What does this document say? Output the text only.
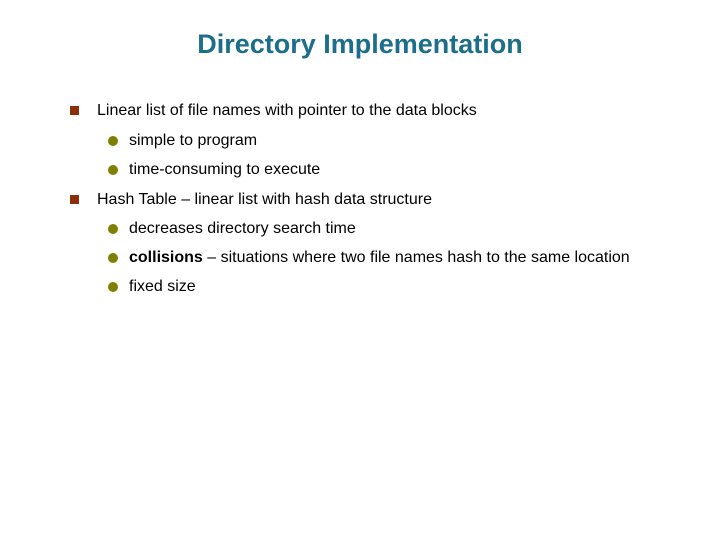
Directory Implementation
Linear list of file names with pointer to the data blocks
simple to program
time-consuming to execute
Hash Table – linear list with hash data structure
decreases directory search time
collisions – situations where two file names hash to the same location
fixed size
